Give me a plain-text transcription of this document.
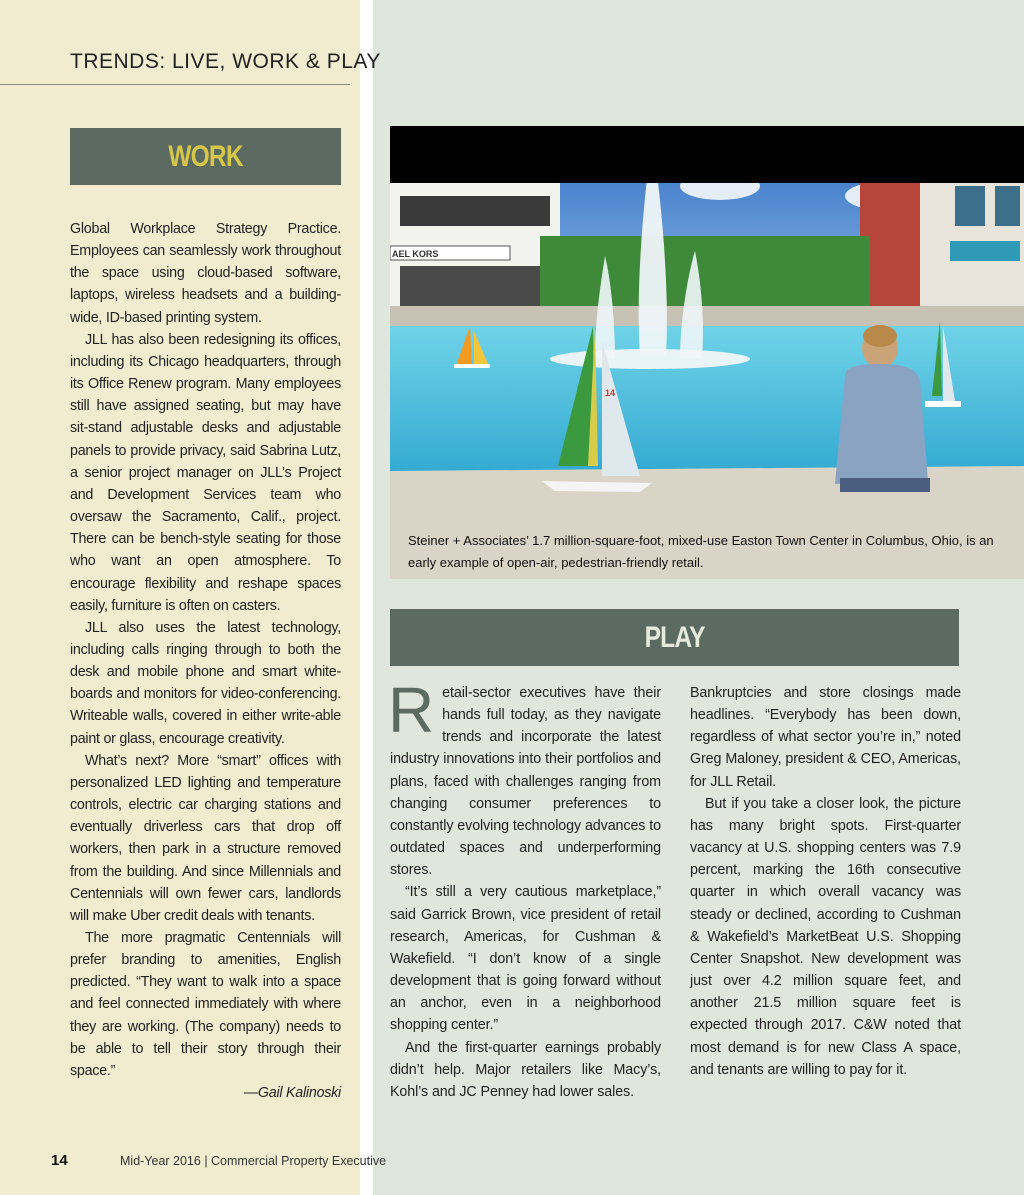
TRENDS: LIVE, WORK & PLAY
WORK

Global Workplace Strategy Practice. Employees can seamlessly work throughout the space using cloud-based software, laptops, wireless headsets and a building-wide, ID-based printing system.

JLL has also been redesigning its offices, including its Chicago headquarters, through its Office Renew program. Many employees still have assigned seating, but may have sit-stand adjustable desks and adjustable panels to provide privacy, said Sabrina Lutz, a senior project manager on JLL’s Project and Development Services team who oversaw the Sacramento, Calif., project. There can be bench-style seating for those who want an open atmosphere. To encourage flexibility and reshape spaces easily, furniture is often on casters.

JLL also uses the latest technology, including calls ringing through to both the desk and mobile phone and smart white-boards and monitors for video-conferencing. Writeable walls, covered in either write-able paint or glass, encourage creativity.

What’s next? More “smart” offices with personalized LED lighting and temperature controls, electric car charging stations and eventually driverless cars that drop off workers, then park in a structure removed from the building. And since Millennials and Centennials will own fewer cars, landlords will make Uber credit deals with tenants.

The more pragmatic Centennials will prefer branding to amenities, English predicted. “They want to walk into a space and feel connected immediately with where they are working. (The company) needs to be able to tell their story through their space.”

—Gail Kalinoski

AEL KORS
14
Steiner + Associates’ 1.7 million-square-foot, mixed-use Easton Town Center in Columbus, Ohio, is an early example of open-air, pedestrian-friendly retail.
PLAY

Retail-sector executives have their hands full today, as they navigate trends and incorporate the latest industry innovations into their portfolios and plans, faced with challenges ranging from changing consumer preferences to constantly evolving technology advances to outdated spaces and underperforming stores.

“It’s still a very cautious marketplace,” said Garrick Brown, vice president of retail research, Americas, for Cushman & Wakefield. “I don’t know of a single development that is going forward without an anchor, even in a neighborhood shopping center.”

And the first-quarter earnings probably didn’t help. Major retailers like Macy’s, Kohl’s and JC Penney had lower sales.

Bankruptcies and store closings made headlines. “Everybody has been down, regardless of what sector you’re in,” noted Greg Maloney, president & CEO, Americas, for JLL Retail.

But if you take a closer look, the picture has many bright spots. First-quarter vacancy at U.S. shopping centers was 7.9 percent, marking the 16th consecutive quarter in which overall vacancy was steady or declined, according to Cushman & Wakefield’s MarketBeat U.S. Shopping Center Snapshot. New development was just over 4.2 million square feet, and another 21.5 million square feet is expected through 2017. C&W noted that most demand is for new Class A space, and tenants are willing to pay for it.

14	Mid-Year 2016 | Commercial Property Executive
